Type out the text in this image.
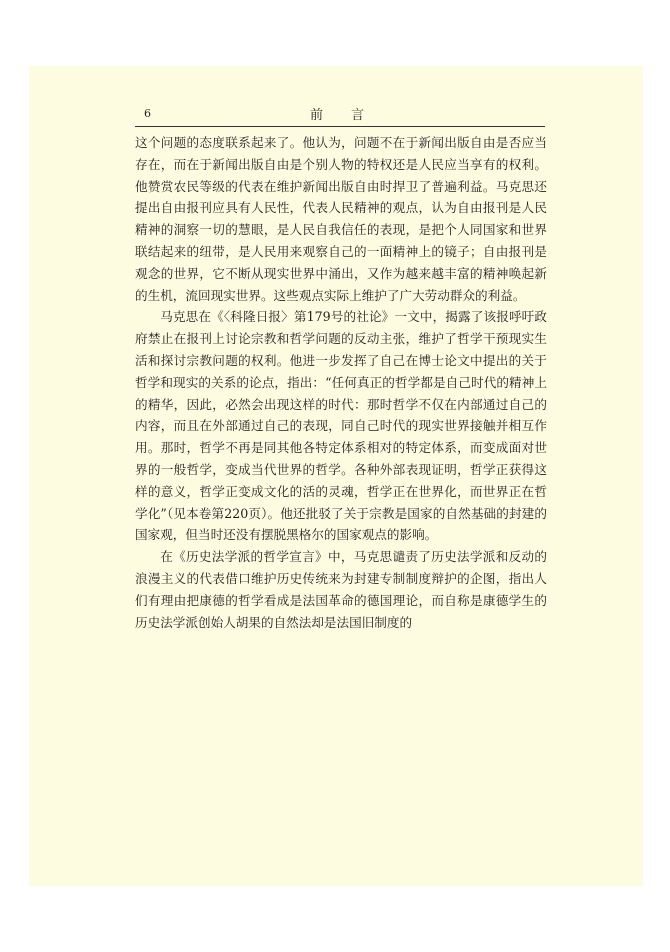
6	前言

这个问题的态度联系起来了。他认为，问题不在于新闻出版自由是否应当存在，而在于新闻出版自由是个别人物的特权还是人民应当享有的权利。他赞赏农民等级的代表在维护新闻出版自由时捍卫了普遍利益。马克思还提出自由报刊应具有人民性，代表人民精神的观点，认为自由报刊是人民精神的洞察一切的慧眼，是人民自我信任的表现，是把个人同国家和世界联结起来的纽带，是人民用来观察自己的一面精神上的镜子；自由报刊是观念的世界，它不断从现实世界中涌出，又作为越来越丰富的精神唤起新的生机，流回现实世界。这些观点实际上维护了广大劳动群众的利益。

马克思在《〈科隆日报〉第179号的社论》一文中，揭露了该报呼吁政府禁止在报刊上讨论宗教和哲学问题的反动主张，维护了哲学干预现实生活和探讨宗教问题的权利。他进一步发挥了自己在博士论文中提出的关于哲学和现实的关系的论点，指出：“任何真正的哲学都是自己时代的精神上的精华，因此，必然会出现这样的时代：那时哲学不仅在内部通过自己的内容，而且在外部通过自己的表现，同自己时代的现实世界接触并相互作用。那时，哲学不再是同其他各特定体系相对的特定体系，而变成面对世界的一般哲学，变成当代世界的哲学。各种外部表现证明，哲学正获得这样的意义，哲学正变成文化的活的灵魂，哲学正在世界化，而世界正在哲学化”（见本卷第220页）。他还批驳了关于宗教是国家的自然基础的封建的国家观，但当时还没有摆脱黑格尔的国家观点的影响。

在《历史法学派的哲学宣言》中，马克思谴责了历史法学派和反动的浪漫主义的代表借口维护历史传统来为封建专制制度辩护的企图，指出人们有理由把康德的哲学看成是法国革命的德国理论，而自称是康德学生的历史法学派创始人胡果的自然法却是法国旧制度的
